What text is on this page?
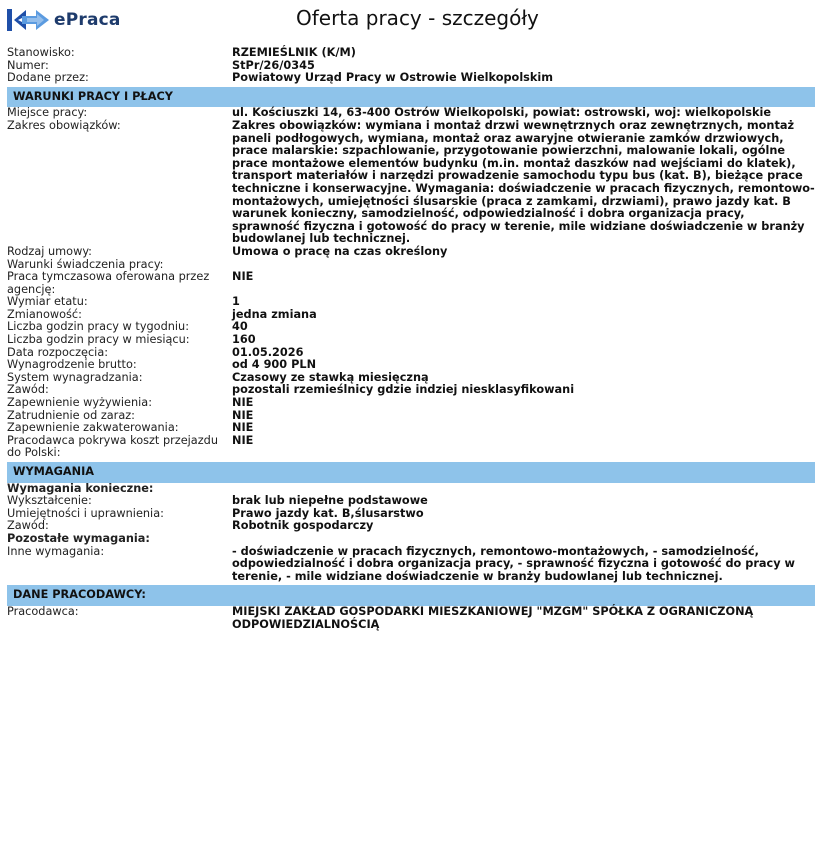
ePraca	Oferta pracy - szczegóły
Stanowisko:	RZEMIEŚLNIK (K/M)
Numer:	StPr/26/0345
Dodane przez:	Powiatowy Urząd Pracy w Ostrowie Wielkopolskim
WARUNKI PRACY I PŁACY	
Miejsce pracy:	ul. Kościuszki 14, 63-400 Ostrów Wielkopolski, powiat: ostrowski, woj: wielkopolskie
Zakres obowiązków:	Zakres obowiązków: wymiana i montaż drzwi wewnętrznych oraz zewnętrznych, montaż paneli podłogowych, wymiana, montaż oraz awaryjne otwieranie zamków drzwiowych, prace malarskie: szpachlowanie, przygotowanie powierzchni, malowanie lokali, ogólne prace montażowe elementów budynku (m.in. montaż daszków nad wejściami do klatek), transport materiałów i narzędzi prowadzenie samochodu typu bus (kat. B), bieżące prace techniczne i konserwacyjne. Wymagania: doświadczenie w pracach fizycznych, remontowo-montażowych, umiejętności ślusarskie (praca z zamkami, drzwiami), prawo jazdy kat. B warunek konieczny, samodzielność, odpowiedzialność i dobra organizacja pracy, sprawność fizyczna i gotowość do pracy w terenie, mile widziane doświadczenie w branży budowlanej lub technicznej.
Rodzaj umowy:	Umowa o pracę na czas określony
Warunki świadczenia pracy:	
Praca tymczasowa oferowana przez agencję:	NIE
Wymiar etatu:	1
Zmianowość:	jedna zmiana
Liczba godzin pracy w tygodniu:	40
Liczba godzin pracy w miesiącu:	160
Data rozpoczęcia:	01.05.2026
Wynagrodzenie brutto:	od 4 900 PLN
System wynagradzania:	Czasowy ze stawką miesięczną
Zawód:	pozostali rzemieślnicy gdzie indziej niesklasyfikowani
Zapewnienie wyżywienia:	NIE
Zatrudnienie od zaraz:	NIE
Zapewnienie zakwaterowania:	NIE
Pracodawca pokrywa koszt przejazdu do Polski:	NIE
WYMAGANIA	
Wymagania konieczne:	
Wykształcenie:	brak lub niepełne podstawowe
Umiejętności i uprawnienia:	Prawo jazdy kat. B,ślusarstwo
Zawód:	Robotnik gospodarczy
Pozostałe wymagania:	
Inne wymagania:	- doświadczenie w pracach fizycznych, remontowo-montażowych, - samodzielność, odpowiedzialność i dobra organizacja pracy, - sprawność fizyczna i gotowość do pracy w terenie, - mile widziane doświadczenie w branży budowlanej lub technicznej.
DANE PRACODAWCY:	
Pracodawca:	MIEJSKI ZAKŁAD GOSPODARKI MIESZKANIOWEJ "MZGM" SPÓŁKA Z OGRANICZONĄ ODPOWIEDZIALNOŚCIĄ
